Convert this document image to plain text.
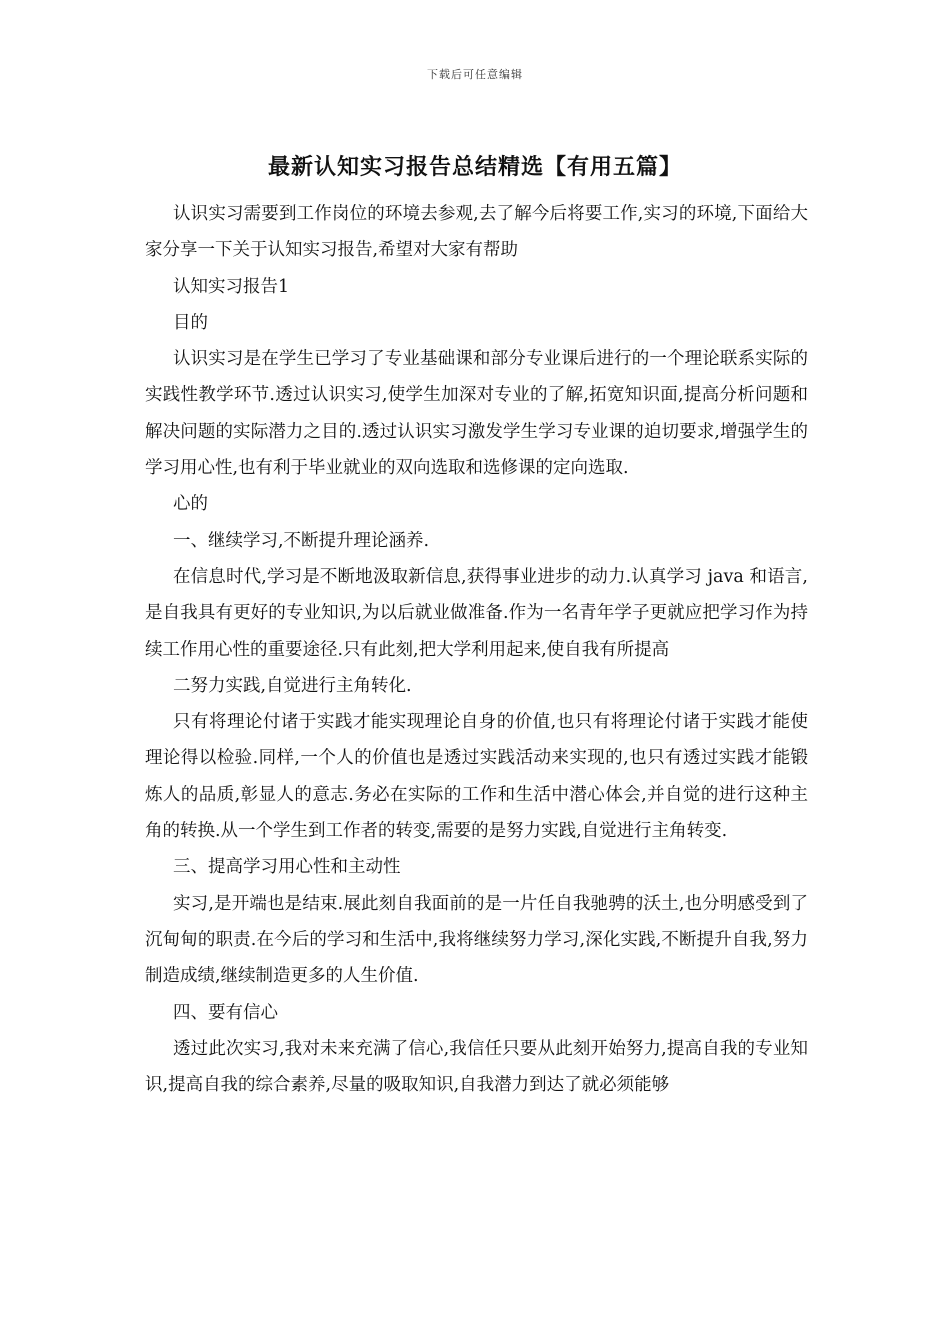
下载后可任意编辑
最新认知实习报告总结精选【有用五篇】

认识实习需要到工作岗位的环境去参观,去了解今后将要工作,实习的环境,下面给大家分享一下关于认知实习报告,希望对大家有帮助

认知实习报告1

目的

认识实习是在学生已学习了专业基础课和部分专业课后进行的一个理论联系实际的实践性教学环节.透过认识实习,使学生加深对专业的了解,拓宽知识面,提高分析问题和解决问题的实际潜力之目的.透过认识实习激发学生学习专业课的迫切要求,增强学生的学习用心性,也有利于毕业就业的双向选取和选修课的定向选取.

心的

一、继续学习,不断提升理论涵养.

在信息时代,学习是不断地汲取新信息,获得事业进步的动力.认真学习 java 和语言,是自我具有更好的专业知识,为以后就业做准备.作为一名青年学子更就应把学习作为持续工作用心性的重要途径.只有此刻,把大学利用起来,使自我有所提高

二努力实践,自觉进行主角转化.

只有将理论付诸于实践才能实现理论自身的价值,也只有将理论付诸于实践才能使理论得以检验.同样,一个人的价值也是透过实践活动来实现的,也只有透过实践才能锻炼人的品质,彰显人的意志.务必在实际的工作和生活中潜心体会,并自觉的进行这种主角的转换.从一个学生到工作者的转变,需要的是努力实践,自觉进行主角转变.

三、提高学习用心性和主动性

实习,是开端也是结束.展此刻自我面前的是一片任自我驰骋的沃土,也分明感受到了沉甸甸的职责.在今后的学习和生活中,我将继续努力学习,深化实践,不断提升自我,努力制造成绩,继续制造更多的人生价值.

四、要有信心

透过此次实习,我对未来充满了信心,我信任只要从此刻开始努力,提高自我的专业知识,提高自我的综合素养,尽量的吸取知识,自我潜力到达了就必须能够
